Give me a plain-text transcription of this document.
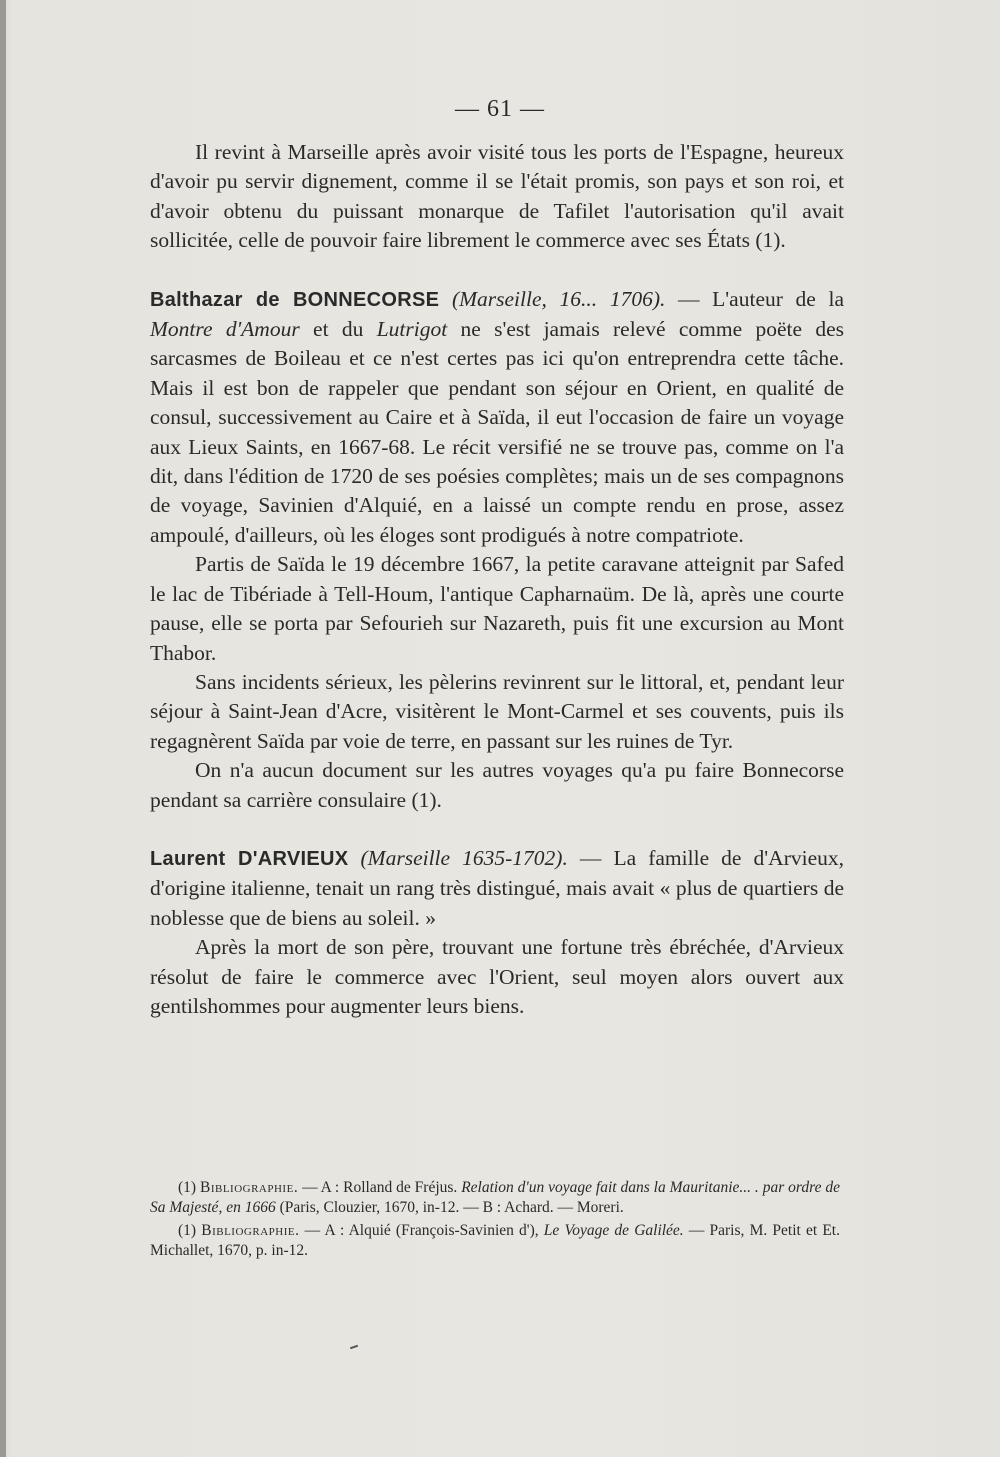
— 61 —

Il revint à Marseille après avoir visité tous les ports de l'Espagne, heureux d'avoir pu servir dignement, comme il se l'était promis, son pays et son roi, et d'avoir obtenu du puissant monarque de Tafilet l'autorisation qu'il avait sollicitée, celle de pouvoir faire librement le commerce avec ses États (1).

Balthazar de BONNECORSE (Marseille, 16... 1706). — L'auteur de la Montre d'Amour et du Lutrigot ne s'est jamais relevé comme poëte des sarcasmes de Boileau et ce n'est certes pas ici qu'on entreprendra cette tâche. Mais il est bon de rappeler que pendant son séjour en Orient, en qualité de consul, successivement au Caire et à Saïda, il eut l'occasion de faire un voyage aux Lieux Saints, en 1667-68. Le récit versifié ne se trouve pas, comme on l'a dit, dans l'édition de 1720 de ses poésies complètes; mais un de ses compagnons de voyage, Savinien d'Alquié, en a laissé un compte rendu en prose, assez ampoulé, d'ailleurs, où les éloges sont prodigués à notre compatriote.

Partis de Saïda le 19 décembre 1667, la petite caravane atteignit par Safed le lac de Tibériade à Tell-Houm, l'antique Capharnaüm. De là, après une courte pause, elle se porta par Sefourieh sur Nazareth, puis fit une excursion au Mont Thabor.

Sans incidents sérieux, les pèlerins revinrent sur le littoral, et, pendant leur séjour à Saint-Jean d'Acre, visitèrent le Mont-Carmel et ses couvents, puis ils regagnèrent Saïda par voie de terre, en passant sur les ruines de Tyr.

On n'a aucun document sur les autres voyages qu'a pu faire Bonnecorse pendant sa carrière consulaire (1).

Laurent D'ARVIEUX (Marseille 1635-1702). — La famille de d'Arvieux, d'origine italienne, tenait un rang très distingué, mais avait « plus de quartiers de noblesse que de biens au soleil. »

Après la mort de son père, trouvant une fortune très ébréchée, d'Arvieux résolut de faire le commerce avec l'Orient, seul moyen alors ouvert aux gentilshommes pour augmenter leurs biens.

(1) Bibliographie. — A : Rolland de Fréjus. Relation d'un voyage fait dans la Mauritanie... . par ordre de Sa Majesté, en 1666 (Paris, Clouzier, 1670, in-12. — B : Achard. — Moreri.

(1) Bibliographie. — A : Alquié (François-Savinien d'), Le Voyage de Galilée. — Paris, M. Petit et Et. Michallet, 1670, p. in-12.
